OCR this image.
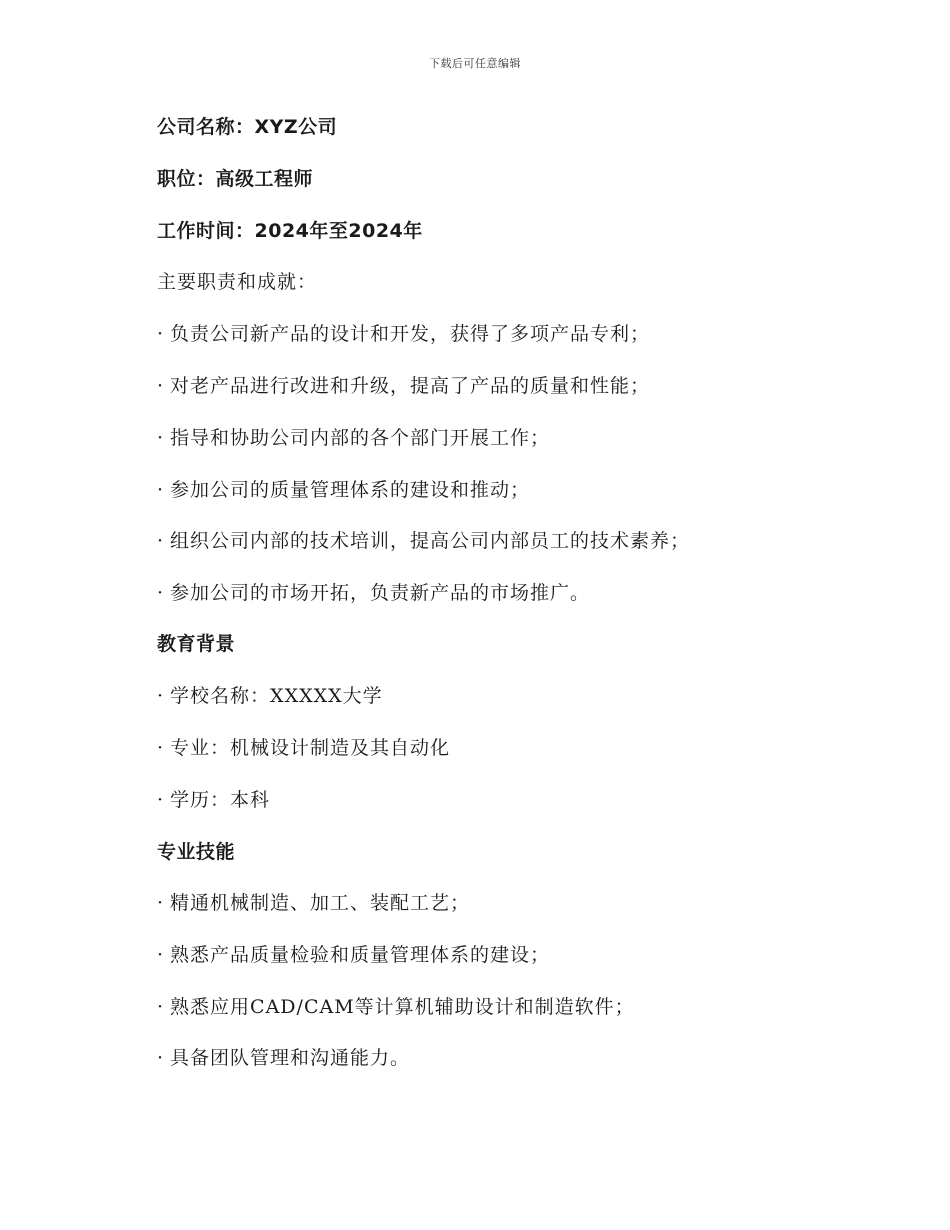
下载后可任意编辑
公司名称：XYZ公司
职位：高级工程师
工作时间：2024年至2024年
主要职责和成就：
· 负责公司新产品的设计和开发，获得了多项产品专利；
· 对老产品进行改进和升级，提高了产品的质量和性能；
· 指导和协助公司内部的各个部门开展工作；
· 参加公司的质量管理体系的建设和推动；
· 组织公司内部的技术培训，提高公司内部员工的技术素养；
· 参加公司的市场开拓，负责新产品的市场推广。
教育背景
· 学校名称：XXXXX大学
· 专业：机械设计制造及其自动化
· 学历：本科
专业技能
· 精通机械制造、加工、装配工艺；
· 熟悉产品质量检验和质量管理体系的建设；
· 熟悉应用CAD/CAM等计算机辅助设计和制造软件；
· 具备团队管理和沟通能力。
